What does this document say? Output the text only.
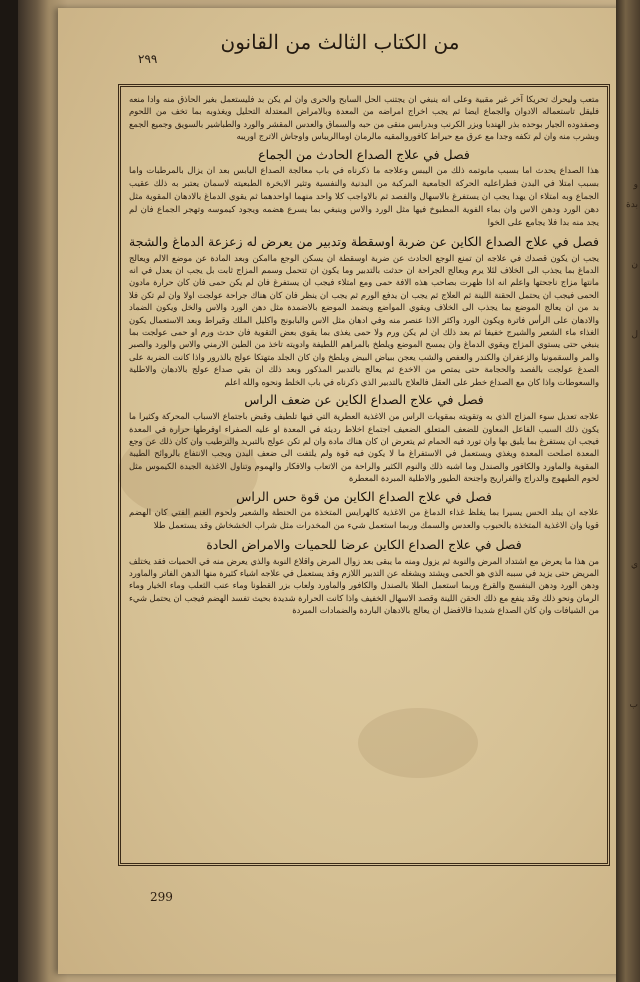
و
بدة
ن
ل
ي
ب
من الكتاب الثالث من القانون
٢٩٩

متعب ولیحرك تحريكا آخر غير مقبية وعلى انه ينبغي ان يجتنب الحل السابح والحرى وان لم يكن بد فليستعمل بغير الحاذق منه وادا منعه فليقل تاستعماله الادوان والجماع ايضا ثم يجب اخراج امراضه من المعدة وبالامراض المعتدلة التحليل ويغذوبه بما تخف من اللحوم وصفدوده الجيار بوحده بذر الهندبا وبزر الكرنب وبدرابس منقى من حبه والسماق والعدس المقشر والورد والطباشير بالسويق وجميع الجمع وبشرب منه وان لم تكفه وجدا مع عرق مع حيراط كافوروالمقيه مالرمان اوماالريباس واوجاش الاترج اوريبه

فصل في علاج الصداع الحادث من الجماع

هذا الصداع يحدث اما بسبب مابوتمه ذلك من اليبس وعلاجه ما ذكرناه في باب معالجة الصداع اليابس بعد ان يزال بالمرطبات واما بسبب امتلا في البدن فطراعليه الحركة الجامعية المركبة من البدنية والنفسية وتثير الابخرة الطبعيته لاسمان يعتبر به ذلك عقيب الجماع وبه امتلاء ان يهدا يجب ان يستفرغ بالاسهال والفصد ثم بالاواجب كلا واحد منهما اواحدهما ثم يقوي الدماغ بالادهان المقوية مثل دهن الورد ودهن الاس وان بماء الفوية المطبوخ فيها مثل الورد والاس وينبغي بما يسرع هضمه ويجود كيموسه وتهجر الجماع فان لم يجد منه بدا فلا يجامع على الخوا

فصل في علاج الصداع الكاين عن ضربة اوسقطة وتدبير من يعرض له زعزعة الدماغ والشجة

يجب ان يكون قصدك في علاجه ان تمنع الوجع الحادث عن ضربة اوسقطة ان يسكن الوجع ماامكن وبعد المادة عن موضع الالم ويعالج الدماغ بما يجذب الى الخلاف لئلا يرم ويعالج الجراحة ان حدثت بالتدبير وما يكون ان تتحمل وسمم المزاج ثابت بل يجب ان يعدل في انه مانتها مزاج ناجحتها واعلم انه اذا ظهرت بصاحب هذه الافة حمى ومع امتلاء فيجب ان يستفرغ فان لم يكن حمى فان كان حرارة مادون الحمى فيجب ان يحتمل الحقنة اللينة ثم العلاج ثم يجب ان يدفع الورم ثم يجب ان ينظر فان كان هناك جراحة عولجت اولا وان لم تكن فلا بد من ان يعالج الموضع بما يجذب الى الخلاف ويقوي المواضع ويضمد الموضع بالاضمدة مثل دهن الورد والاس والخل ويكون الضماد والادهان على الرأس فاترة ويكون الورد واكثر الاذا عنصر منه وفي ادهان مثل الاس والبابونج واكليل الملك وقيراط وبعد الاستعمال يكون الغذاء ماء الشعير والشيرج خفيفا ثم بعد ذلك ان لم يكن ورم ولا حمى يغذى بما يقوي بعض التقوية فان حدث ورم او حمى عولجت بما ينبغي حتى يستوي المزاج ويقوي الدماغ وان يمسح الموضع ويلطخ بالمراهم اللطيفة وادويته تاخذ من الطين الارمني والاس والورد والصبر والمر والسقمونيا والزعفران والكندر والعفص والشب يعجن ببياض البيض ويلطخ وان كان الجلد متهتكا عولج بالذرور واذا كانت الضربة على الصدغ عولجت بالفصد والحجامة حتى يمتص من الاخدع ثم يعالج بالتدبير المذكور وبعد ذلك ان بقي صداع عولج بالادهان والاطلية والسعوطات واذا كان مع الصداع خطر على العقل فالعلاج بالتدبير الذي ذكرناه في باب الخلط ونحوه والله اعلم

فصل في علاج الصداع الكاين عن ضعف الراس

علاجه تعديل سوء المزاج الذي به وتقويته بمقويات الراس من الاغذية العطرية التي فيها تلطيف وقبض باجتماع الاسباب المحركة وكثيرا ما يكون ذلك السبب الفاعل المعاون للضعف المتعلق الضعيف اجتماع اخلاط رديئة في المعدة او عليه الصفراء اوفرطها حرارة في المعدة فيجب ان يستفرغ بما يليق بها وان تورد فيه الحمام ثم يتعرض ان كان هناك مادة وان لم تكن عولج بالتبريد والترطيب وان كان ذلك عن وجع المعدة اصلحت المعدة ويغذي ويستعمل في الاستفراغ ما لا يكون فيه قوة ولم يلتفت الى ضعف البدن ويجب الانتفاع بالروائح الطيبة المقوية والماورد والكافور والصندل وما اشبه ذلك والنوم الكثير والراحة من الاتعاب والافكار والهموم وتناول الاغذية الجيدة الكيموس مثل لحوم الطيهوج والدراج والفراريج واجنحة الطيور والاطلية المبردة المعطرة

فصل في علاج الصداع الكاين من قوة حس الراس

علاجه ان يبلد الحس يسيرا بما يغلظ غذاء الدماغ من الاغذية كالهرايس المتخذة من الحنطة والشعير ولحوم الغنم الفتي كان الهضم قويا وان الاغذية المتخذة بالحبوب والعدس والسمك وربما استعمل شيء من المخدرات مثل شراب الخشخاش وقد يستعمل طلا

فصل في علاج الصداع الكاين عرضا للحميات والامراض الحادة

من هذا ما يعرض مع اشتداد المرض والنوبة ثم يزول ومنه ما يبقى بعد زوال المرض واقلاع النوبة والذي يعرض منه في الحميات فقد يختلف المريض حتى يزيد في سببه الذي هو الحمى ويشتد ويشغله عن التدبير اللازم وقد يستعمل في علاجه اشياء كثيرة منها الدهن الفاتر والماورد ودهن الورد ودهن البنفسج والقرع وربما استعمل الطلا بالصندل والكافور والماورد ولعاب بزر القطونا وماء عنب الثعلب وماء الخيار وماء الرمان ونحو ذلك وقد ينفع مع ذلك الحقن اللينة وقصد الاسهال الخفيف واذا كانت الحرارة شديدة بحيث تفسد الهضم فيجب ان يحتمل شيء من الشيافات وان كان الصداع شديدا فالافضل ان يعالج بالادهان الباردة والضمادات المبردة

299
